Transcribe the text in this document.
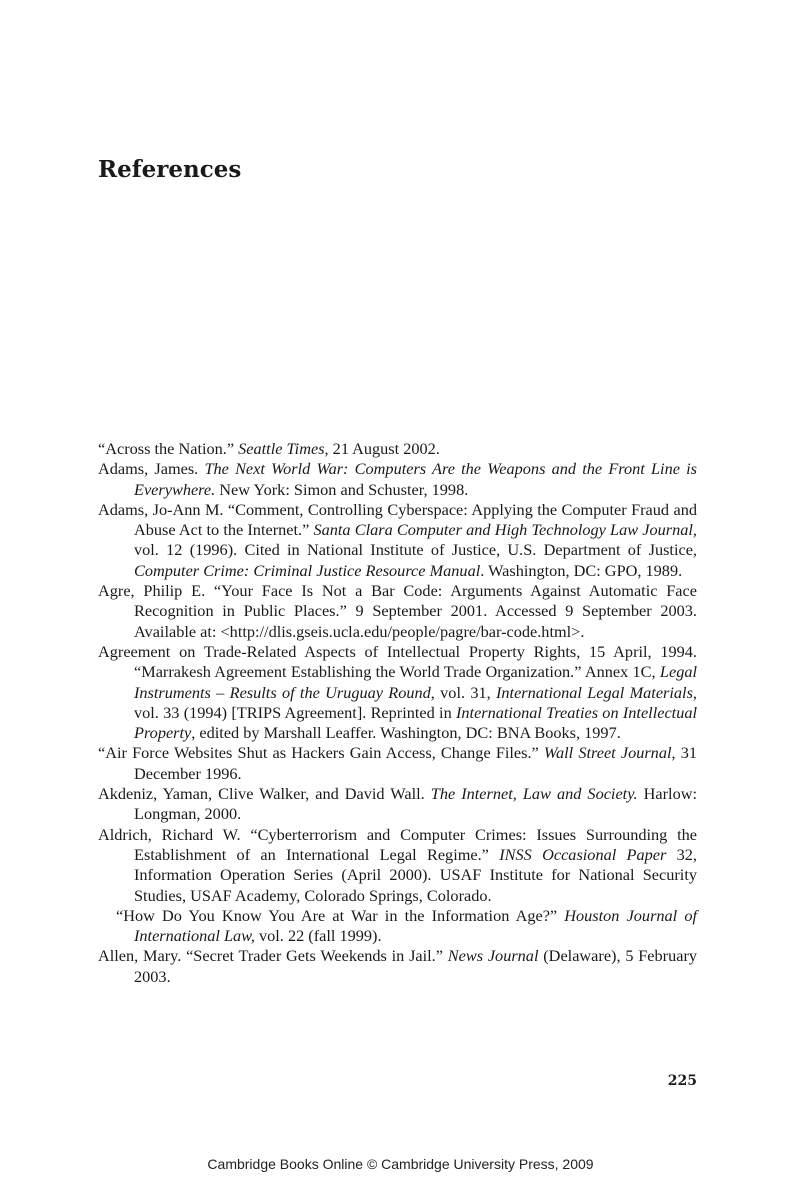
References
“Across the Nation.” Seattle Times, 21 August 2002.
Adams, James. The Next World War: Computers Are the Weapons and the Front Line is Everywhere. New York: Simon and Schuster, 1998.
Adams, Jo-Ann M. “Comment, Controlling Cyberspace: Applying the Computer Fraud and Abuse Act to the Internet.” Santa Clara Computer and High Technology Law Journal, vol. 12 (1996). Cited in National Institute of Justice, U.S. Department of Justice, Computer Crime: Criminal Justice Resource Manual. Washington, DC: GPO, 1989.
Agre, Philip E. “Your Face Is Not a Bar Code: Arguments Against Automatic Face Recognition in Public Places.” 9 September 2001. Accessed 9 September 2003. Available at: <http://dlis.gseis.ucla.edu/people/pagre/bar-code.html>.
Agreement on Trade-Related Aspects of Intellectual Property Rights, 15 April, 1994. “Marrakesh Agreement Establishing the World Trade Organization.” Annex 1C, Legal Instruments – Results of the Uruguay Round, vol. 31, International Legal Materials, vol. 33 (1994) [TRIPS Agreement]. Reprinted in International Treaties on Intellectual Property, edited by Marshall Leaffer. Washington, DC: BNA Books, 1997.
“Air Force Websites Shut as Hackers Gain Access, Change Files.” Wall Street Journal, 31 December 1996.
Akdeniz, Yaman, Clive Walker, and David Wall. The Internet, Law and Society. Harlow: Longman, 2000.
Aldrich, Richard W. “Cyberterrorism and Computer Crimes: Issues Surrounding the Establishment of an International Legal Regime.” INSS Occasional Paper 32, Information Operation Series (April 2000). USAF Institute for National Security Studies, USAF Academy, Colorado Springs, Colorado.
“How Do You Know You Are at War in the Information Age?” Houston Journal of International Law, vol. 22 (fall 1999).
Allen, Mary. “Secret Trader Gets Weekends in Jail.” News Journal (Delaware), 5 February 2003.
225
Cambridge Books Online © Cambridge University Press, 2009
